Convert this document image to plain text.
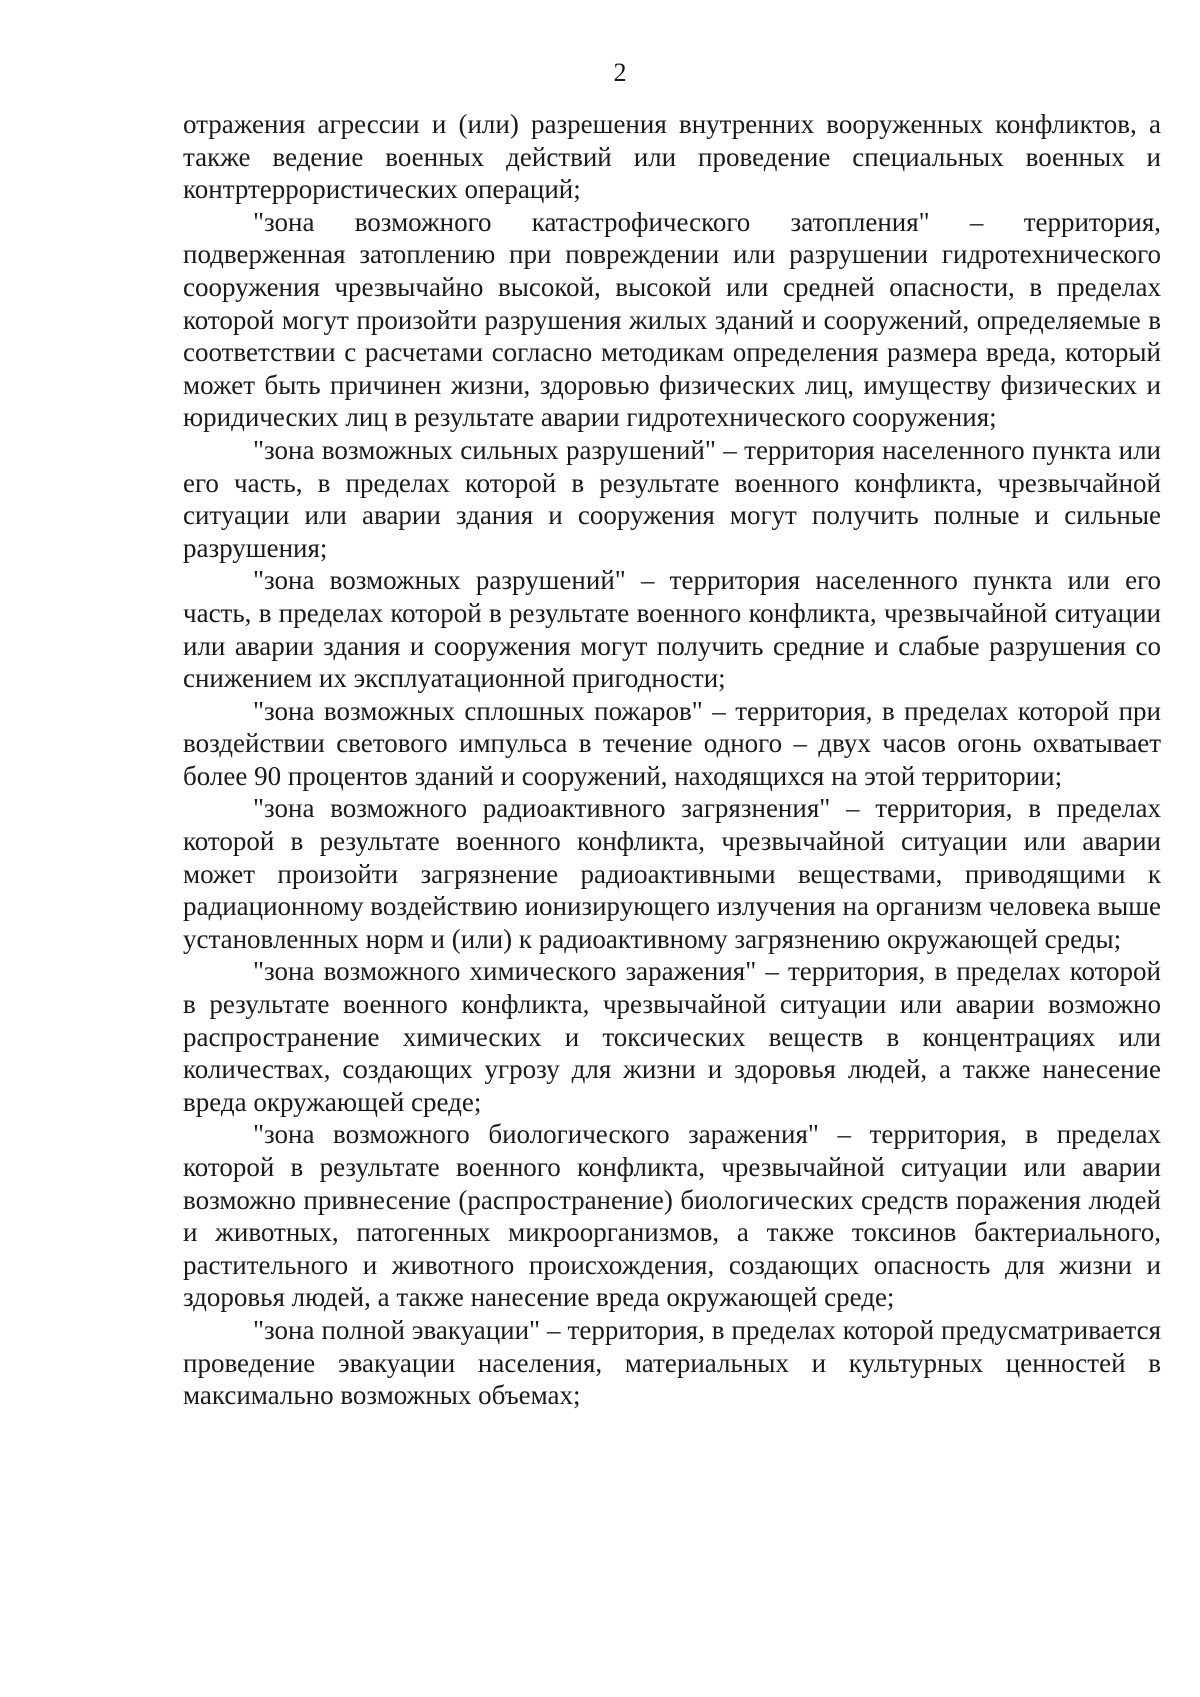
2

отражения агрессии и (или) разрешения внутренних вооруженных конфликтов, а также ведение военных действий или проведение специальных военных и контртеррористических операций;

"зона возможного катастрофического затопления" – территория, подверженная затоплению при повреждении или разрушении гидротехнического сооружения чрезвычайно высокой, высокой или средней опасности, в пределах которой могут произойти разрушения жилых зданий и сооружений, определяемые в соответствии с расчетами согласно методикам определения размера вреда, который может быть причинен жизни, здоровью физических лиц, имуществу физических и юридических лиц в результате аварии гидротехнического сооружения;

"зона возможных сильных разрушений" – территория населенного пункта или его часть, в пределах которой в результате военного конфликта, чрезвычайной ситуации или аварии здания и сооружения могут получить полные и сильные разрушения;

"зона возможных разрушений" – территория населенного пункта или его часть, в пределах которой в результате военного конфликта, чрезвычайной ситуации или аварии здания и сооружения могут получить средние и слабые разрушения со снижением их эксплуатационной пригодности;

"зона возможных сплошных пожаров" – территория, в пределах которой при воздействии светового импульса в течение одного – двух часов огонь охватывает более 90 процентов зданий и сооружений, находящихся на этой территории;

"зона возможного радиоактивного загрязнения" – территория, в пределах которой в результате военного конфликта, чрезвычайной ситуации или аварии может произойти загрязнение радиоактивными веществами, приводящими к радиационному воздействию ионизирующего излучения на организм человека выше установленных норм и (или) к радиоактивному загрязнению окружающей среды;

"зона возможного химического заражения" – территория, в пределах которой в результате военного конфликта, чрезвычайной ситуации или аварии возможно распространение химических и токсических веществ в концентрациях или количествах, создающих угрозу для жизни и здоровья людей, а также нанесение вреда окружающей среде;

"зона возможного биологического заражения" – территория, в пределах которой в результате военного конфликта, чрезвычайной ситуации или аварии возможно привнесение (распространение) биологических средств поражения людей и животных, патогенных микроорганизмов, а также токсинов бактериального, растительного и животного происхождения, создающих опасность для жизни и здоровья людей, а также нанесение вреда окружающей среде;

"зона полной эвакуации" – территория, в пределах которой предусматривается проведение эвакуации населения, материальных и культурных ценностей в максимально возможных объемах;
